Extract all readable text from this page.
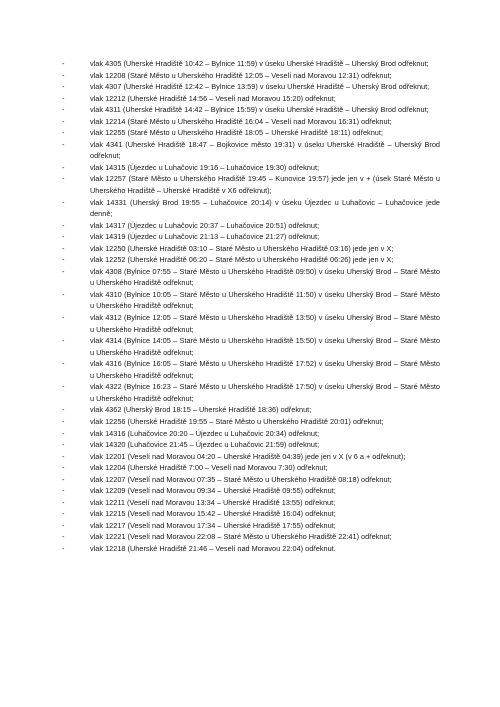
-	vlak 4305 (Uherské Hradiště 10:42 – Bylnice 11:59) v úseku Uherské Hradiště – Uherský Brod odřeknut;
-	vlak 12208 (Staré Město u Uherského Hradiště 12:05 – Veselí nad Moravou 12:31) odřeknut;
-	vlak 4307 (Uherské Hradiště 12:42 – Bylnice 13:59) v úseku Uherské Hradiště – Uherský Brod odřeknut;
-	vlak 12212 (Uherské Hradiště 14:56 – Veselí nad Moravou 15:20) odřeknut;
-	vlak 4311 (Uherské Hradiště 14:42 – Bylnice 15:59) v úseku Uherské Hradiště – Uherský Brod odřeknut;
-	vlak 12214 (Staré Město u Uherského Hradiště 16:04 – Veselí nad Moravou 16:31) odřeknut;
-	vlak 12255 (Staré Město u Uherského Hradiště 18:05 – Uherské Hradiště 18:11) odřeknut;
-	vlak 4341 (Uherské Hradiště 18:47 – Bojkovice město 19:31) v úseku Uherské Hradiště – Uherský Brod odřeknut;
-	vlak 14315 (Újezdec u Luhačovic 19:16 – Luhačovice 19:30) odřeknut;
-	vlak 12257 (Staré Město u Uherského Hradiště 19:45 – Kunovice 19:57) jede jen v + (úsek Staré Město u Uherského Hradiště – Uherské Hradiště v X6 odřeknut);
-	vlak 14331 (Uherský Brod 19:55 – Luhačovice 20:14) v úseku Újezdec u Luhačovic – Luhačovice jede denně;
-	vlak 14317 (Újezdec u Luhačovic 20:37 – Luhačovice 20:51) odřeknut;
-	vlak 14319 (Újezdec u Luhačovic 21:13 – Luhačovice 21:27) odřeknut;
-	vlak 12250 (Uherské Hradiště 03:10 – Staré Město u Uherského Hradiště 03:16) jede jen v X;
-	vlak 12252 (Uherské Hradiště 06:20 – Staré Město u Uherského Hradiště 06:26) jede jen v X;
-	vlak 4308 (Bylnice 07:55 – Staré Město u Uherského Hradiště 09:50) v úseku Uherský Brod – Staré Město u Uherského Hradiště odřeknut;
-	vlak 4310 (Bylnice 10:05 – Staré Město u Uherského Hradiště 11:50) v úseku Uherský Brod – Staré Město u Uherského Hradiště odřeknut;
-	vlak 4312 (Bylnice 12:05 – Staré Město u Uherského Hradiště 13:50) v úseku Uherský Brod – Staré Město u Uherského Hradiště odřeknut;
-	vlak 4314 (Bylnice 14:05 – Staré Město u Uherského Hradiště 15:50) v úseku Uherský Brod – Staré Město u Uherského Hradiště odřeknut;
-	vlak 4316 (Bylnice 16:05 – Staré Město u Uherského Hradiště 17:52) v úseku Uherský Brod – Staré Město u Uherského Hradiště odřeknut;
-	vlak 4322 (Bylnice 16:23 – Staré Město u Uherského Hradiště 17:50) v úseku Uherský Brod – Staré Město u Uherského Hradiště odřeknut;
-	vlak 4362 (Uherský Brod 18:15 – Uherské Hradiště 18:36) odřeknut;
-	vlak 12256 (Uherské Hradiště 19:55 – Staré Město u Uherského Hradiště 20:01) odřeknut;
-	vlak 14316 (Luhačovice 20:20 – Újezdec u Luhačovic 20:34) odřeknut;
-	vlak 14320 (Luhačovice 21:45 – Újezdec u Luhačovic 21:59) odřeknut;
-	vlak 12201 (Veselí nad Moravou 04:20 – Uherské Hradiště 04:39) jede jen v X (v 6 a + odřeknut);
-	vlak 12204 (Uherské Hradiště 7:00 – Veselí nad Moravou 7:30) odřeknut;
-	vlak 12207 (Veselí nad Moravou 07:35 – Staré Město u Uherského Hradiště 08:18) odřeknut;
-	vlak 12209 (Veselí nad Moravou 09:34 – Uherské Hradiště 09:55) odřeknut;
-	vlak 12211 (Veselí nad Moravou 13:34 – Uherské Hradiště 13:55) odřeknut;
-	vlak 12215 (Veselí nad Moravou 15:42 – Uherské Hradiště 16:04) odřeknut;
-	vlak 12217 (Veselí nad Moravou 17:34 – Uherské Hradiště 17:55) odřeknut;
-	vlak 12221 (Veselí nad Moravou 22:08 – Staré Město u Uherského Hradiště 22:41) odřeknut;
-	vlak 12218 (Uherské Hradiště 21:46 – Veselí nad Moravou 22:04) odřeknut.
